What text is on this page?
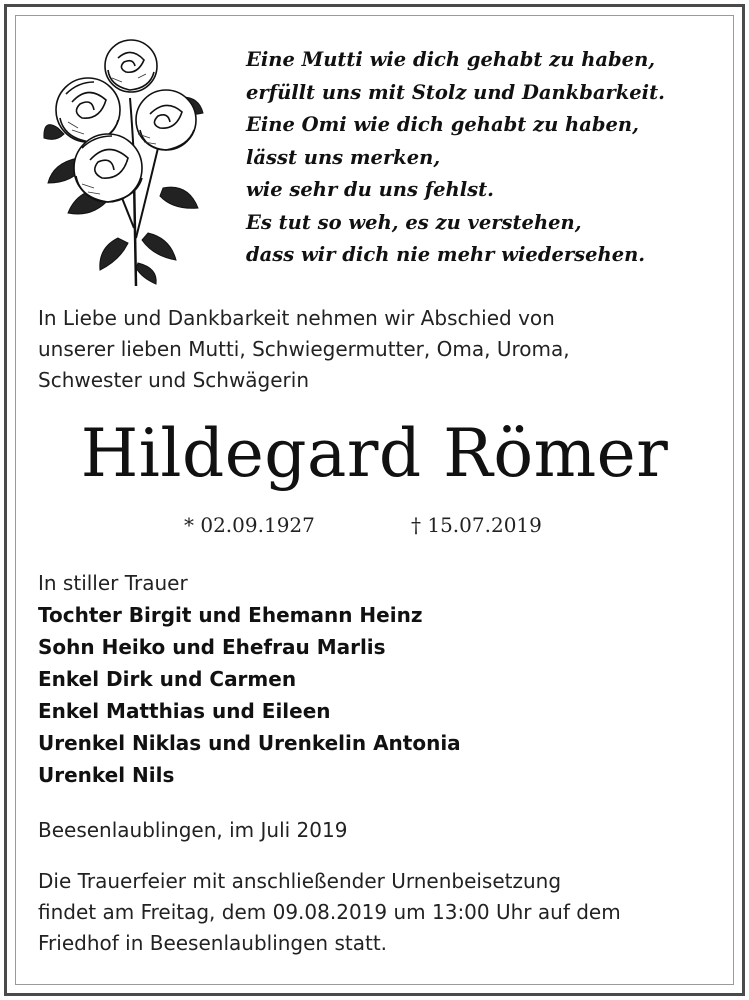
Eine Mutti wie dich gehabt zu haben,
erfüllt uns mit Stolz und Dankbarkeit.
Eine Omi wie dich gehabt zu haben,
lässt uns merken,
wie sehr du uns fehlst.
Es tut so weh, es zu verstehen,
dass wir dich nie mehr wiedersehen.
In Liebe und Dankbarkeit nehmen wir Abschied von
unserer lieben Mutti, Schwiegermutter, Oma, Uroma,
Schwester und Schwägerin
Hildegard Römer
* 02.09.1927	† 15.07.2019
In stiller Trauer
Tochter Birgit und Ehemann Heinz
Sohn Heiko und Ehefrau Marlis
Enkel Dirk und Carmen
Enkel Matthias und Eileen
Urenkel Niklas und Urenkelin Antonia
Urenkel Nils
Beesenlaublingen, im Juli 2019
Die Trauerfeier mit anschließender Urnenbeisetzung
findet am Freitag, dem 09.08.2019 um 13:00 Uhr auf dem
Friedhof in Beesenlaublingen statt.
